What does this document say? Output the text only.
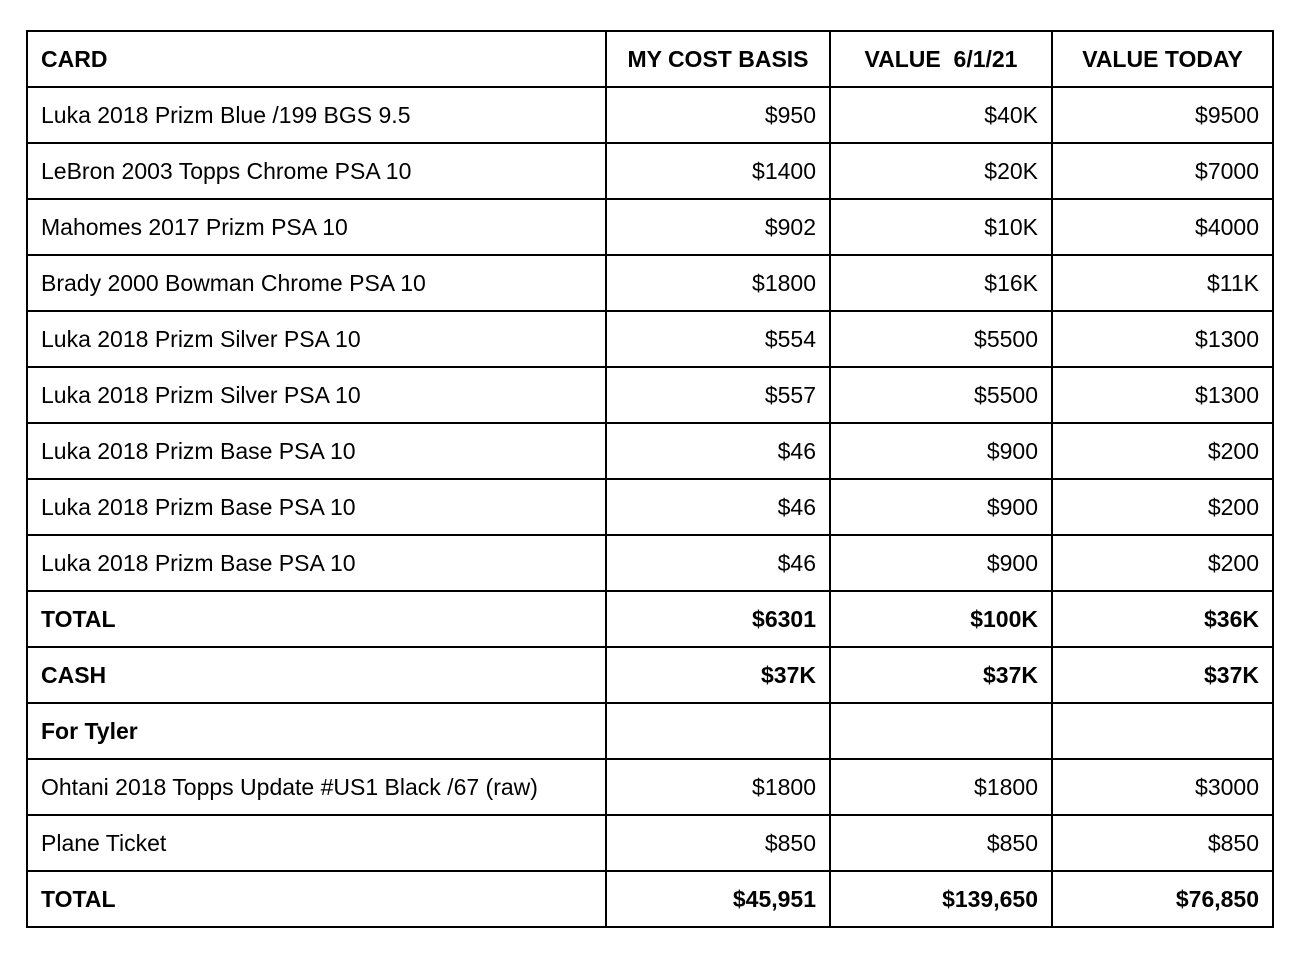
CARD	MY COST BASIS	VALUE  6/1/21	VALUE TODAY
Luka 2018 Prizm Blue /199 BGS 9.5	$950	$40K	$9500
LeBron 2003 Topps Chrome PSA 10	$1400	$20K	$7000
Mahomes 2017 Prizm PSA 10	$902	$10K	$4000
Brady 2000 Bowman Chrome PSA 10	$1800	$16K	$11K
Luka 2018 Prizm Silver PSA 10	$554	$5500	$1300
Luka 2018 Prizm Silver PSA 10	$557	$5500	$1300
Luka 2018 Prizm Base PSA 10	$46	$900	$200
Luka 2018 Prizm Base PSA 10	$46	$900	$200
Luka 2018 Prizm Base PSA 10	$46	$900	$200
TOTAL	$6301	$100K	$36K
CASH	$37K	$37K	$37K
For Tyler			
Ohtani 2018 Topps Update #US1 Black /67 (raw)	$1800	$1800	$3000
Plane Ticket	$850	$850	$850
TOTAL	$45,951	$139,650	$76,850
